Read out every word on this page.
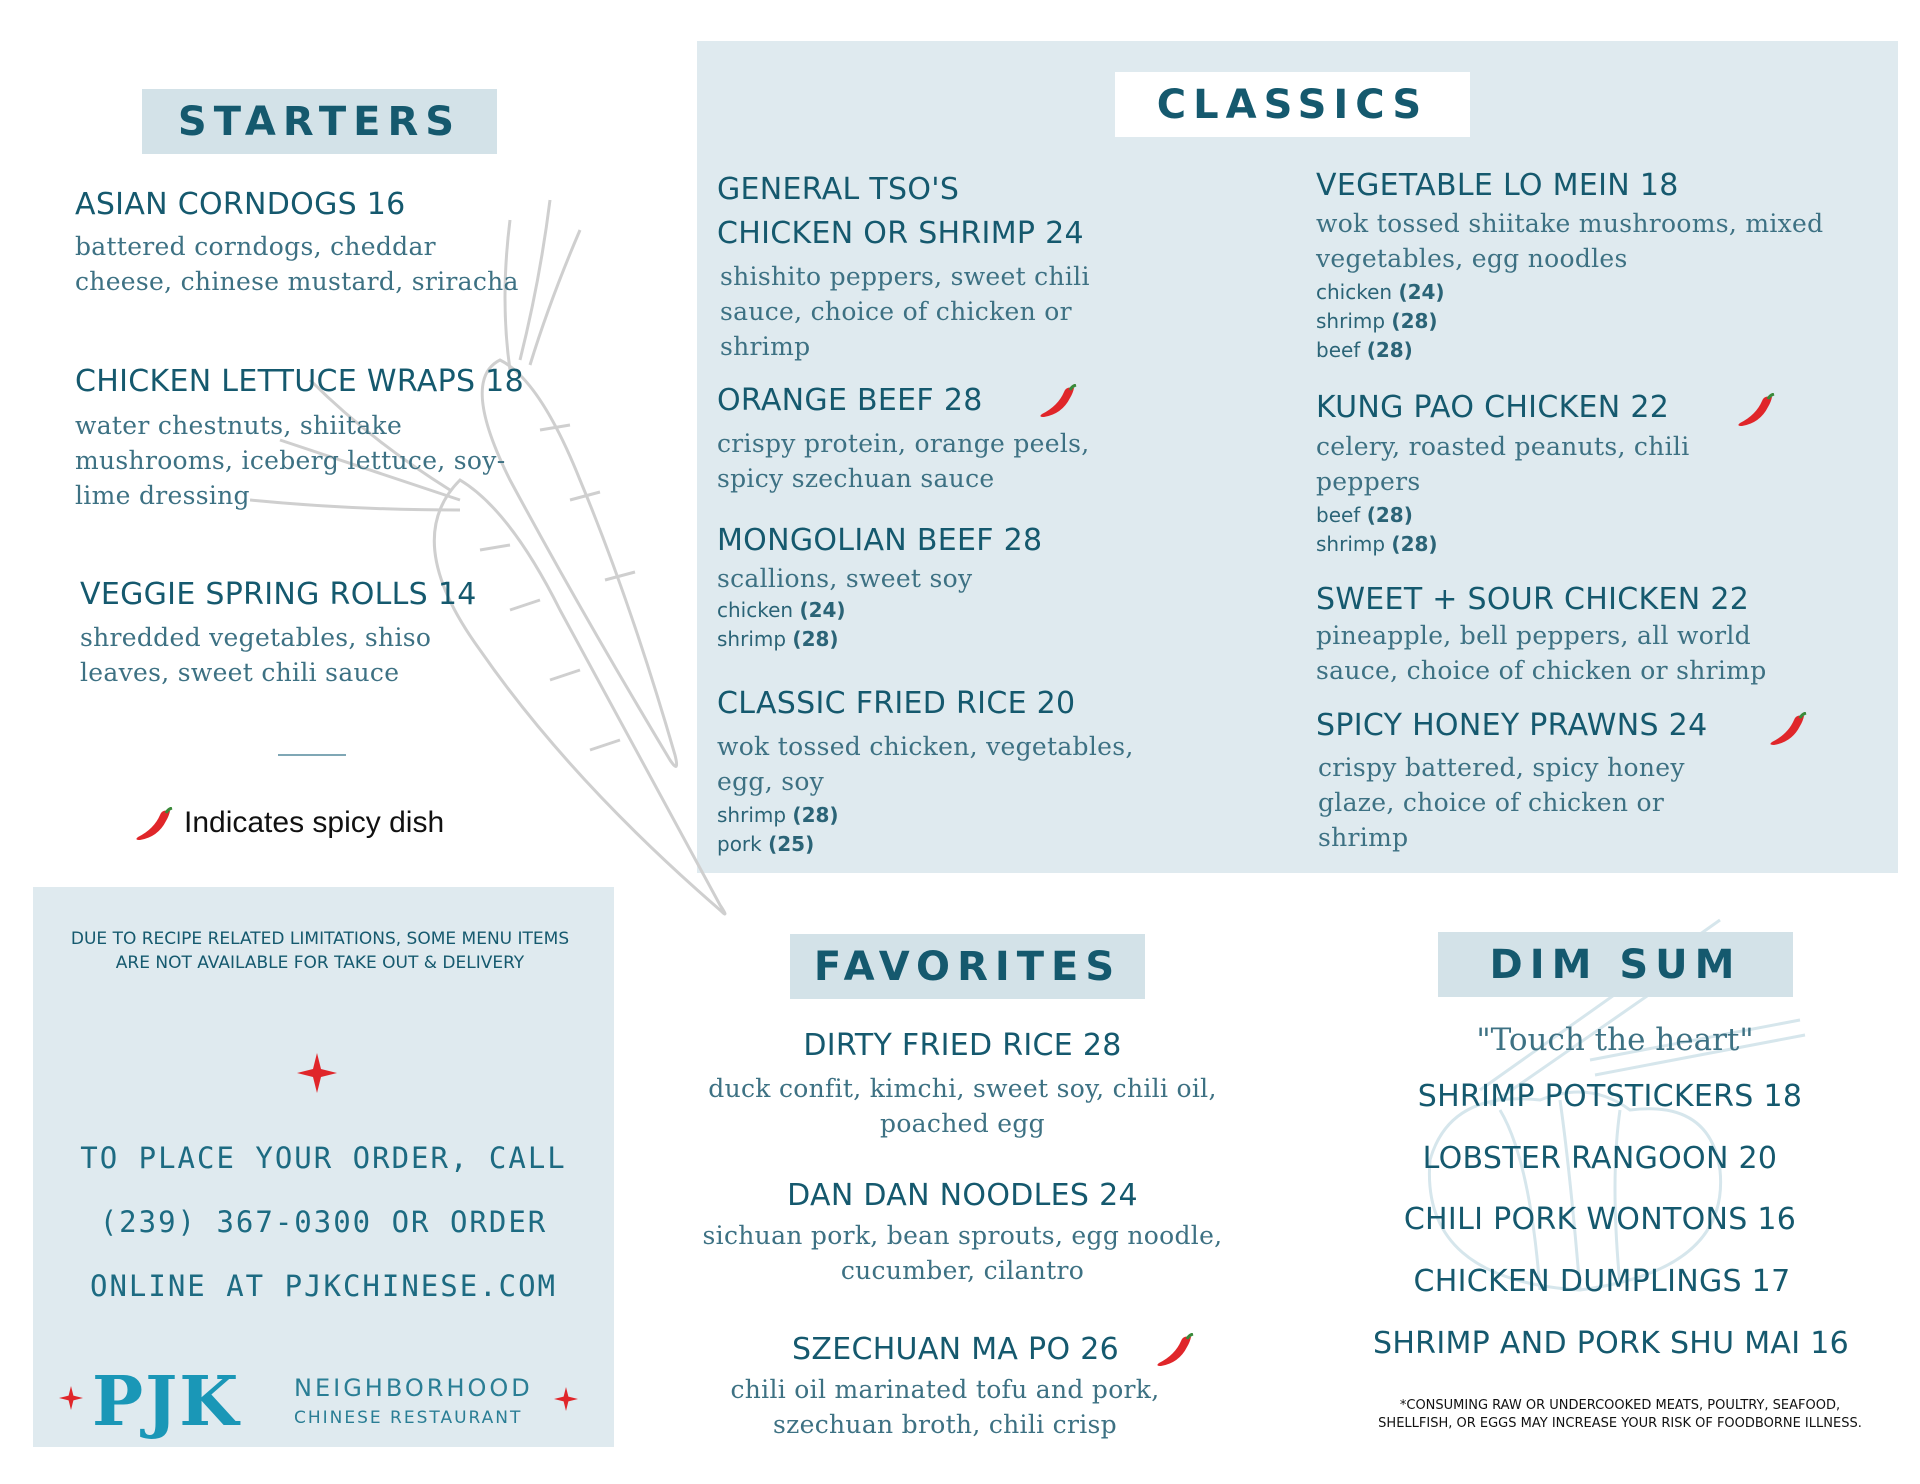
STARTERS
ASIAN CORNDOGS 16
battered corndogs, cheddar cheese, chinese mustard, sriracha
CHICKEN LETTUCE WRAPS 18
water chestnuts, shiitake mushrooms, iceberg lettuce, soy-lime dressing
VEGGIE SPRING ROLLS 14
shredded vegetables, shiso leaves, sweet chili sauce
Indicates spicy dish
DUE TO RECIPE RELATED LIMITATIONS, SOME MENU ITEMS ARE NOT AVAILABLE FOR TAKE OUT & DELIVERY
TO PLACE YOUR ORDER, CALL
(239) 367-0300 OR ORDER
ONLINE AT PJKCHINESE.COM
PJK NEIGHBORHOOD
CHINESE RESTAURANT
CLASSICS
GENERAL TSO'S
CHICKEN OR SHRIMP 24
shishito peppers, sweet chili sauce, choice of chicken or shrimp
ORANGE BEEF 28
crispy protein, orange peels, spicy szechuan sauce
MONGOLIAN BEEF 28
scallions, sweet soy
chicken (24)
shrimp (28)
CLASSIC FRIED RICE 20
wok tossed chicken, vegetables, egg, soy
shrimp (28)
pork (25)
VEGETABLE LO MEIN 18
wok tossed shiitake mushrooms, mixed vegetables, egg noodles
chicken (24)
shrimp (28)
beef (28)
KUNG PAO CHICKEN 22
celery, roasted peanuts, chili peppers
beef (28)
shrimp (28)
SWEET + SOUR CHICKEN 22
pineapple, bell peppers, all world sauce, choice of chicken or shrimp
SPICY HONEY PRAWNS 24
crispy battered, spicy honey glaze, choice of chicken or shrimp
FAVORITES
DIRTY FRIED RICE 28
duck confit, kimchi, sweet soy, chili oil, poached egg
DAN DAN NOODLES 24
sichuan pork, bean sprouts, egg noodle, cucumber, cilantro
SZECHUAN MA PO 26
chili oil marinated tofu and pork, szechuan broth, chili crisp
DIM SUM
"Touch the heart"
SHRIMP POTSTICKERS 18
LOBSTER RANGOON 20
CHILI PORK WONTONS 16
CHICKEN DUMPLINGS 17
SHRIMP AND PORK SHU MAI 16
*CONSUMING RAW OR UNDERCOOKED MEATS, POULTRY, SEAFOOD,
SHELLFISH, OR EGGS MAY INCREASE YOUR RISK OF FOODBORNE ILLNESS.
